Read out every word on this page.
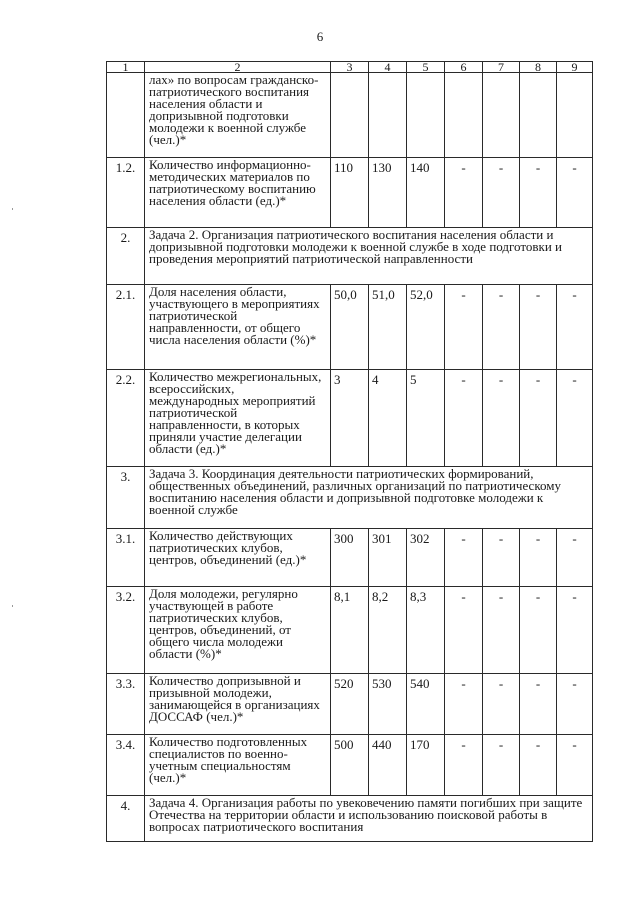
6
1	2	3	4	5	6	7	8	9
	лах» по вопросам гражданско-патриотического воспитания населения области и допризывной подготовки молодежи к военной службе (чел.)*							
1.2.	Количество информационно-методических материалов по патриотическому воспитанию населения области (ед.)*	110	130	140	-	-	-	-
2.	Задача 2. Организация патриотического воспитания населения области и допризывной подготовки молодежи к военной службе в ходе подготовки и проведения мероприятий патриотической направленности							
2.1.	Доля населения области, участвующего в мероприятиях патриотической направленности, от общего числа населения области (%)*	50,0	51,0	52,0	-	-	-	-
2.2.	Количество межрегиональных, всероссийских, международных мероприятий патриотической направленности, в которых приняли участие делегации области (ед.)*	3	4	5	-	-	-	-
3.	Задача 3. Координация деятельности патриотических формирований, общественных объединений, различных организаций по патриотическому воспитанию населения области и допризывной подготовке молодежи к военной службе							
3.1.	Количество действующих патриотических клубов, центров, объединений (ед.)*	300	301	302	-	-	-	-
3.2.	Доля молодежи, регулярно участвующей в работе патриотических клубов, центров, объединений, от общего числа молодежи области (%)*	8,1	8,2	8,3	-	-	-	-
3.3.	Количество допризывной и призывной молодежи, занимающейся в организациях ДОССАФ (чел.)*	520	530	540	-	-	-	-
3.4.	Количество подготовленных специалистов по военно-учетным специальностям (чел.)*	500	440	170	-	-	-	-
4.	Задача 4. Организация работы по увековечению памяти погибших при защите Отечества на территории области и использованию поисковой работы в вопросах патриотического воспитания							
